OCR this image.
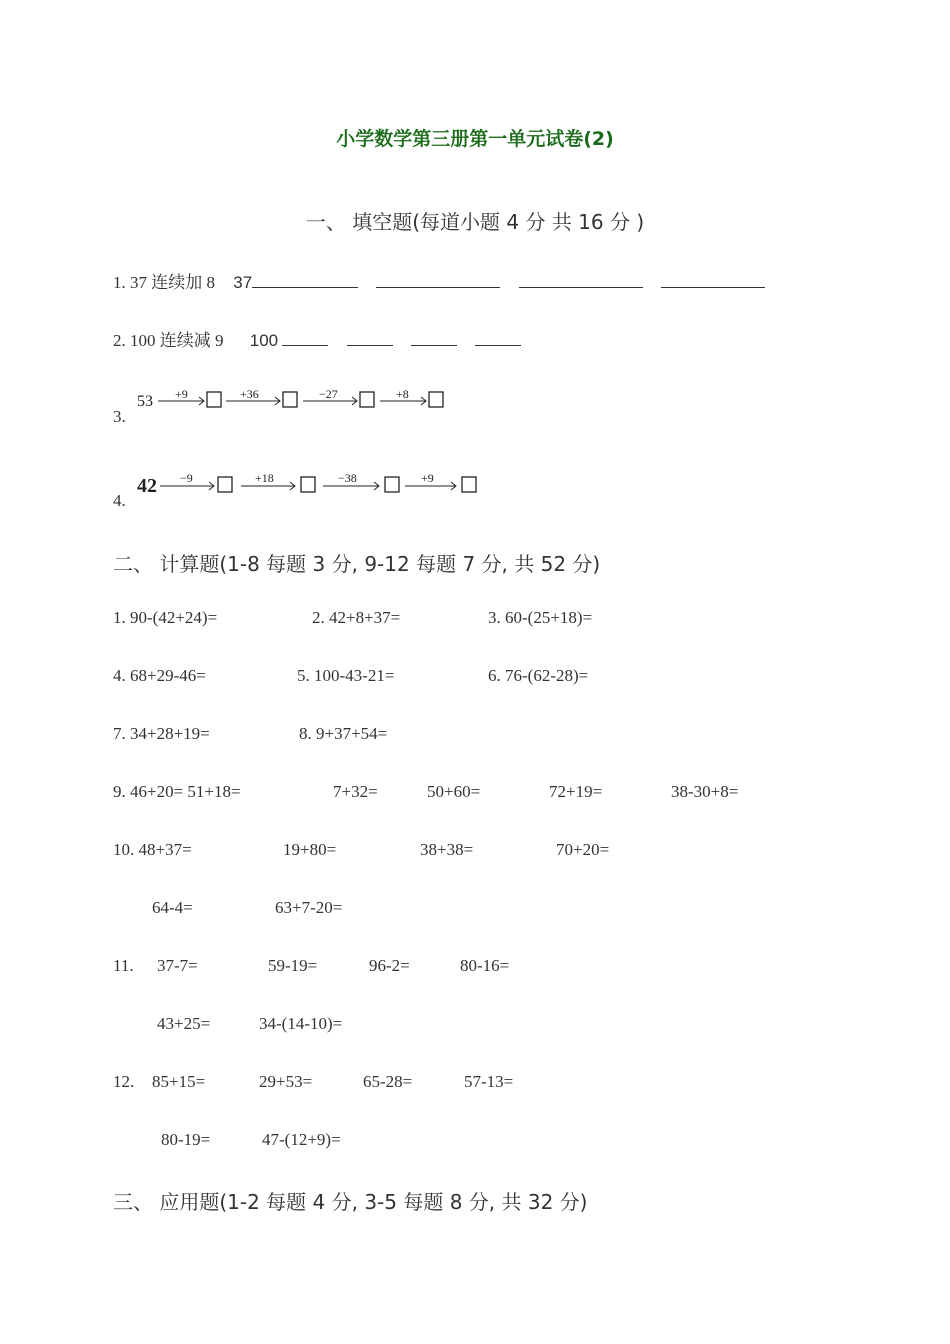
小学数学第三册第一单元试卷(2)
一、 填空题(每道小题 4 分 共 16 分 )
1. 37 连续加 8 37
2. 100 连续减 9 100
3.
53 +9	+36	−27	+8
4.
42 −9	+18	−38	+9
二、 计算题(1-8 每题 3 分, 9-12 每题 7 分, 共 52 分)
1. 90-(42+24)=	2. 42+8+37=	3. 60-(25+18)=
4. 68+29-46=	5. 100-43-21=	6. 76-(62-28)=
7. 34+28+19=	8. 9+37+54=
9. 46+20= 51+18=	7+32=	50+60=	72+19=	38-30+8=
10. 48+37=	19+80=	38+38=	70+20=
64-4=	63+7-20=
11. 37-7=	59-19=	96-2=	80-16=
43+25=	34-(14-10)=
12. 85+15=	29+53=	65-28=	57-13=
80-19=	47-(12+9)=
三、 应用题(1-2 每题 4 分, 3-5 每题 8 分, 共 32 分)
